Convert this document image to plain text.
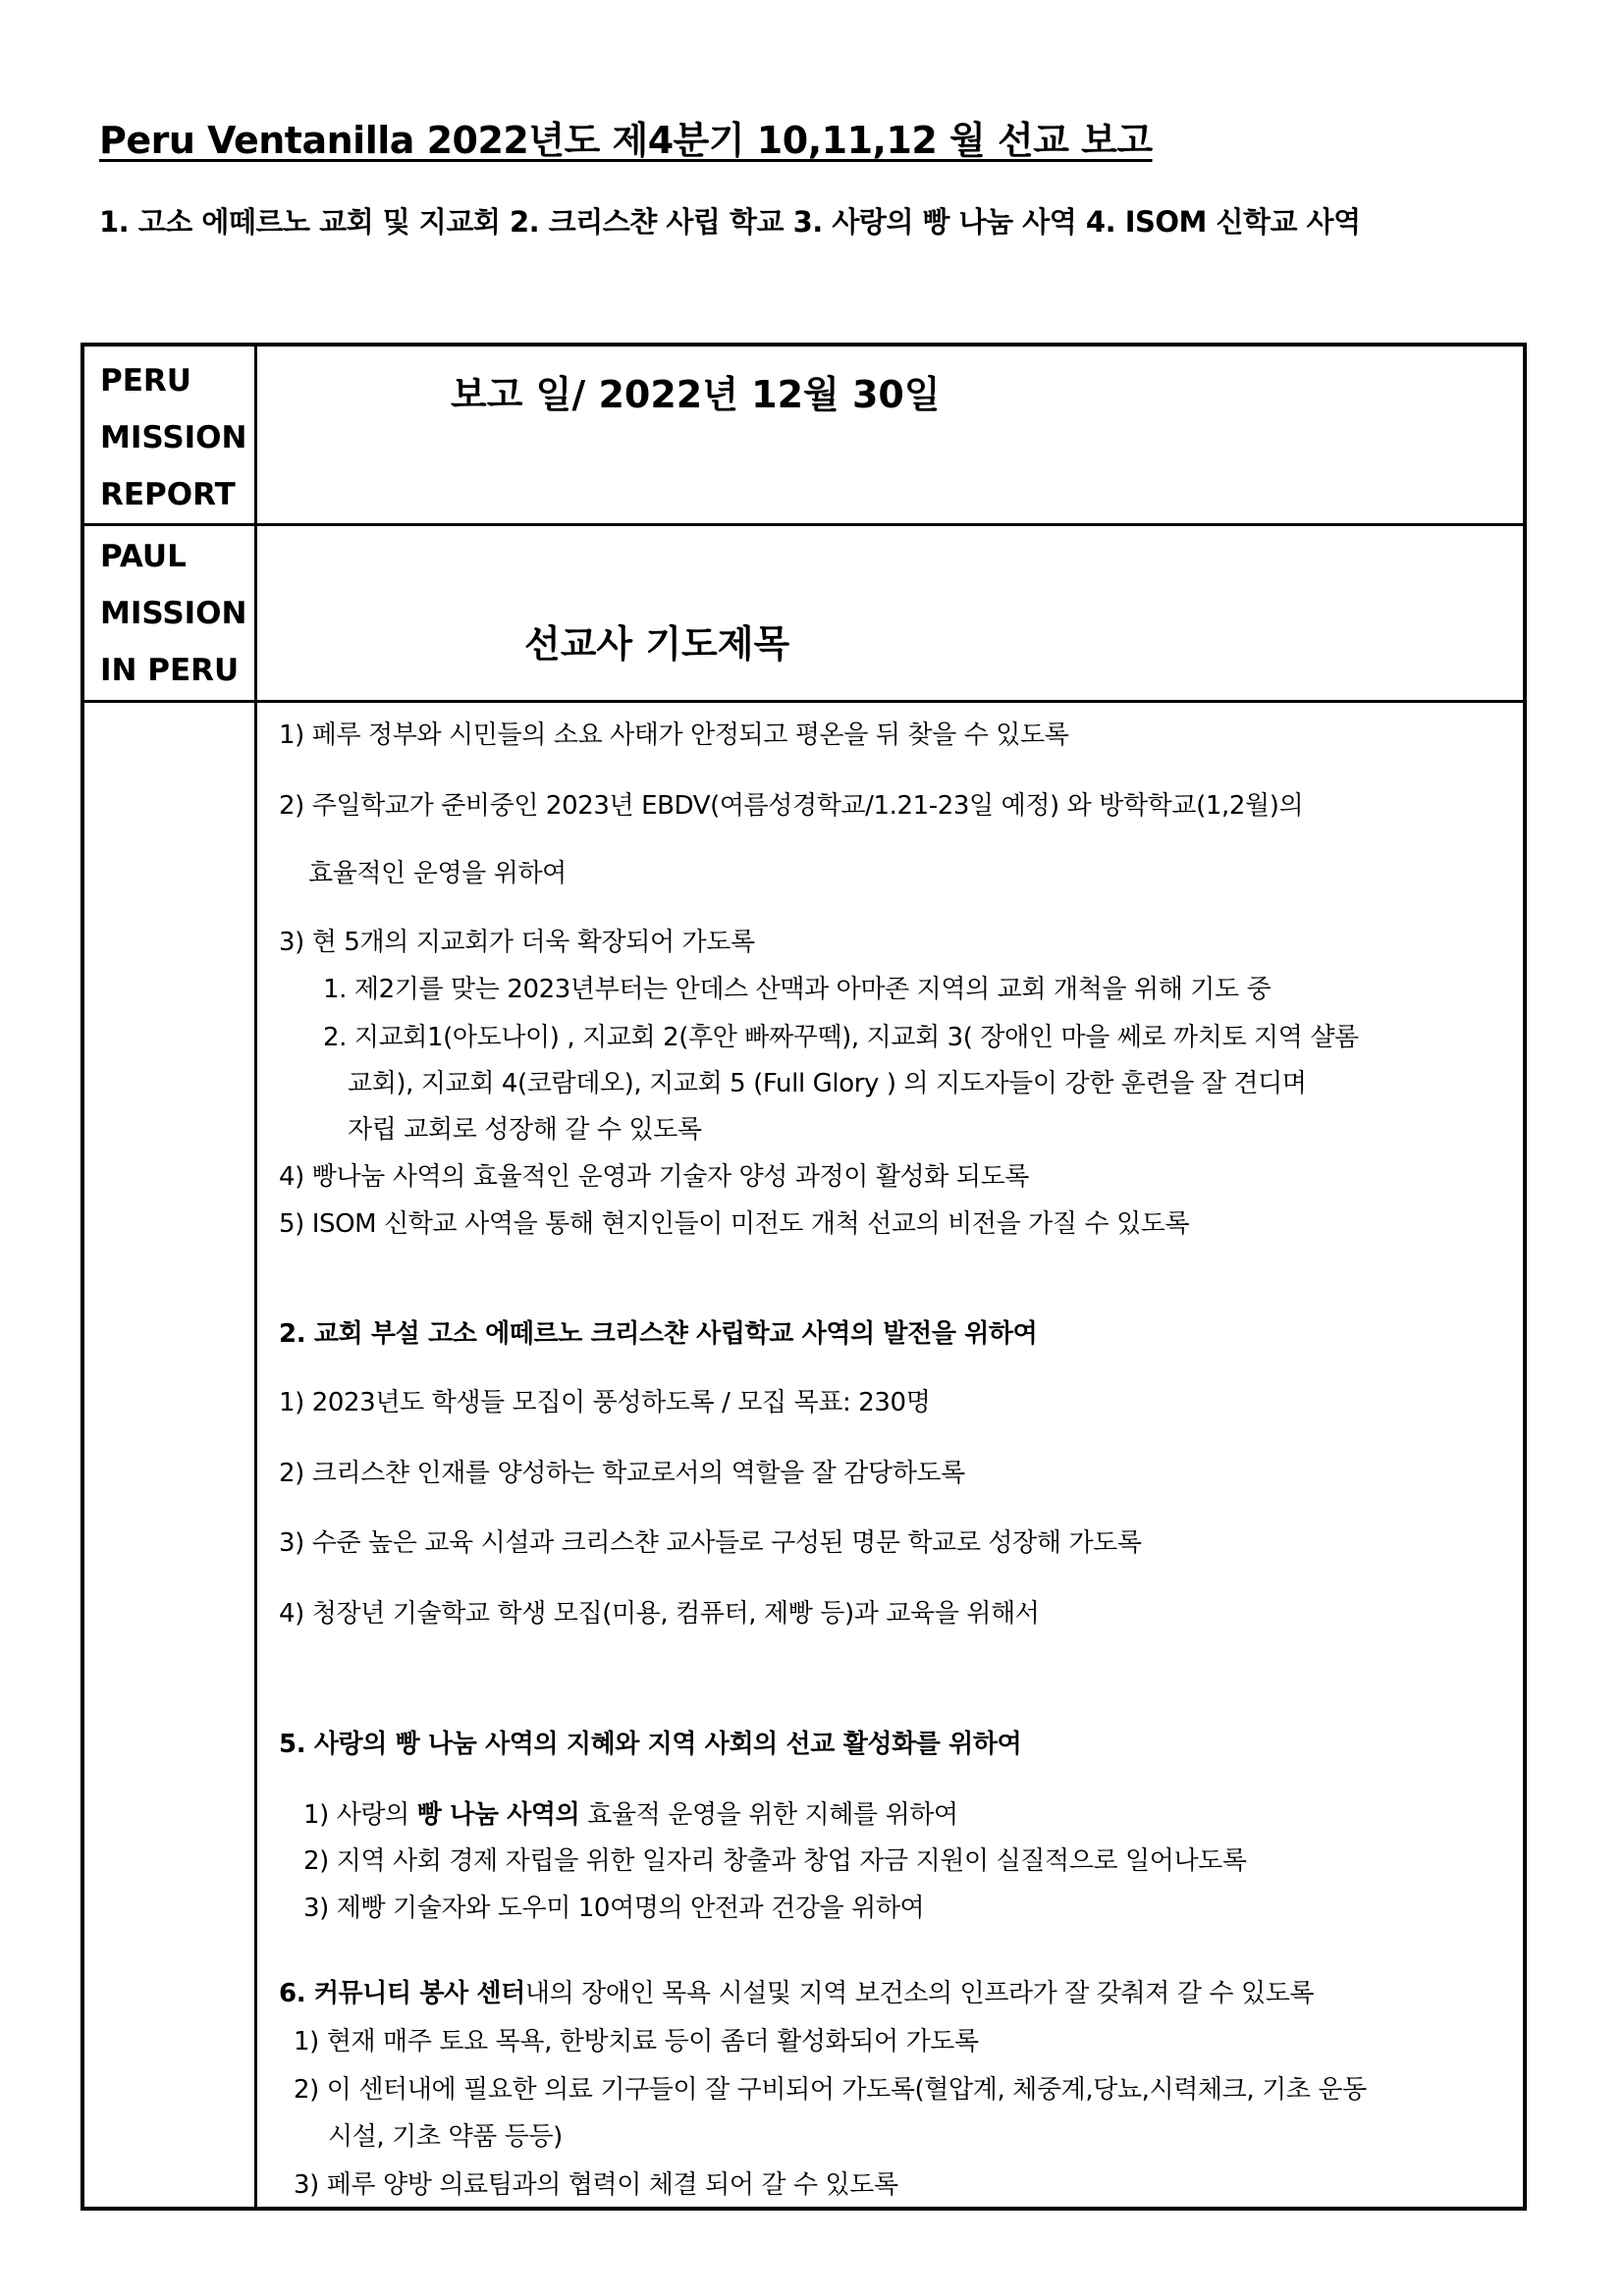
Peru Ventanilla 2022년도 제4분기 10,11,12 월 선교 보고
1. 고소 에떼르노 교회 및 지교회 2. 크리스챤 사립 학교 3. 사랑의 빵 나눔 사역 4. ISOM 신학교 사역
PERU
MISSION
REPORT
보고 일/ 2022년 12월 30일
PAUL
MISSION
IN PERU
선교사 기도제목
1) 페루 정부와 시민들의 소요 사태가 안정되고 평온을 뒤 찾을 수 있도록
2) 주일학교가 준비중인 2023년 EBDV(여름성경학교/1.21-23일 예정) 와 방학학교(1,2월)의
효율적인 운영을 위하여
3) 현 5개의 지교회가 더욱 확장되어 가도록
1. 제2기를 맞는 2023년부터는 안데스 산맥과 아마존 지역의 교회 개척을 위해 기도 중
2. 지교회1(아도나이) , 지교회 2(후안 빠짜꾸떽), 지교회 3( 장애인 마을 쎄로 까치토 지역 샬롬
교회), 지교회 4(코람데오), 지교회 5 (Full Glory ) 의 지도자들이 강한 훈련을 잘 견디며
자립 교회로 성장해 갈 수 있도록
4) 빵나눔 사역의 효율적인 운영과 기술자 양성 과정이 활성화 되도록
5) ISOM 신학교 사역을 통해 현지인들이 미전도 개척 선교의 비전을 가질 수 있도록
2. 교회 부설 고소 에떼르노 크리스챤 사립학교 사역의 발전을 위하여
1) 2023년도 학생들 모집이 풍성하도록 / 모집 목표: 230명
2) 크리스챤 인재를 양성하는 학교로서의 역할을 잘 감당하도록
3) 수준 높은 교육 시설과 크리스챤 교사들로 구성된 명문 학교로 성장해 가도록
4) 청장년 기술학교 학생 모집(미용, 컴퓨터, 제빵 등)과 교육을 위해서
5. 사랑의 빵 나눔 사역의 지혜와 지역 사회의 선교 활성화를 위하여
1) 사랑의 빵 나눔 사역의 효율적 운영을 위한 지혜를 위하여
2) 지역 사회 경제 자립을 위한 일자리 창출과 창업 자금 지원이 실질적으로 일어나도록
3) 제빵 기술자와 도우미 10여명의 안전과 건강을 위하여
6. 커뮤니티 봉사 센터내의 장애인 목욕 시설및 지역 보건소의 인프라가 잘 갖춰져 갈 수 있도록
1) 현재 매주 토요 목욕, 한방치료 등이 좀더 활성화되어 가도록
2) 이 센터내에 필요한 의료 기구들이 잘 구비되어 가도록(혈압계, 체중계,당뇨,시력체크, 기초 운동
시설, 기초 약품 등등)
3) 페루 양방 의료팀과의 협력이 체결 되어 갈 수 있도록
